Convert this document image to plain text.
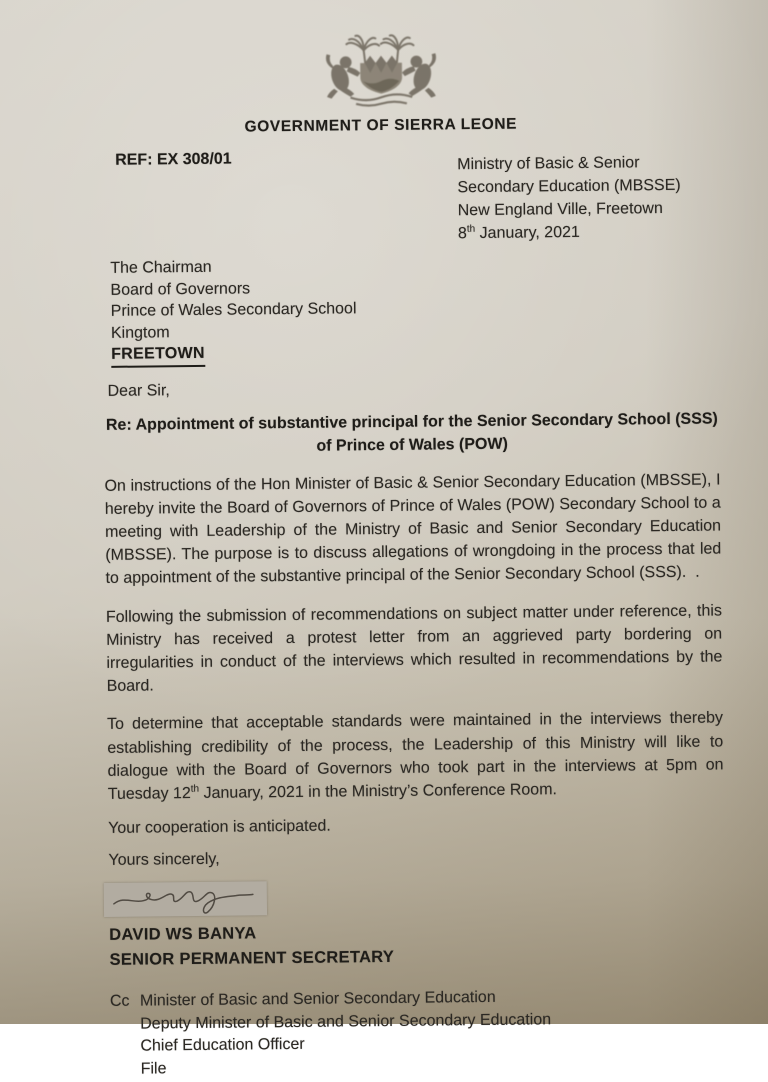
GOVERNMENT OF SIERRA LEONE
REF: EX 308/01	Ministry of Basic & Senior
Secondary Education (MBSSE)
New England Ville, Freetown
8th January, 2021
The Chairman
Board of Governors
Prince of Wales Secondary School
Kingtom
FREETOWN
Dear Sir,
Re: Appointment of substantive principal for the Senior Secondary School (SSS)
of Prince of Wales (POW)
On instructions of the Hon Minister of Basic & Senior Secondary Education (MBSSE), I hereby invite the Board of Governors of Prince of Wales (POW) Secondary School to a meeting with Leadership of the Ministry of Basic and Senior Secondary Education (MBSSE). The purpose is to discuss allegations of wrongdoing in the process that led to appointment of the substantive principal of the Senior Secondary School (SSS).  .
Following the submission of recommendations on subject matter under reference, this Ministry has received a protest letter from an aggrieved party bordering on irregularities in conduct of the interviews which resulted in recommendations by the Board.
To determine that acceptable standards were maintained in the interviews thereby establishing credibility of the process, the Leadership of this Ministry will like to dialogue with the Board of Governors who took part in the interviews at 5pm on Tuesday 12th January, 2021 in the Ministry’s Conference Room.
Your cooperation is anticipated.
Yours sincerely,
DAVID WS BANYA
SENIOR PERMANENT SECRETARY
Cc Minister of Basic and Senior Secondary Education
Deputy Minister of Basic and Senior Secondary Education
Chief Education Officer
File
